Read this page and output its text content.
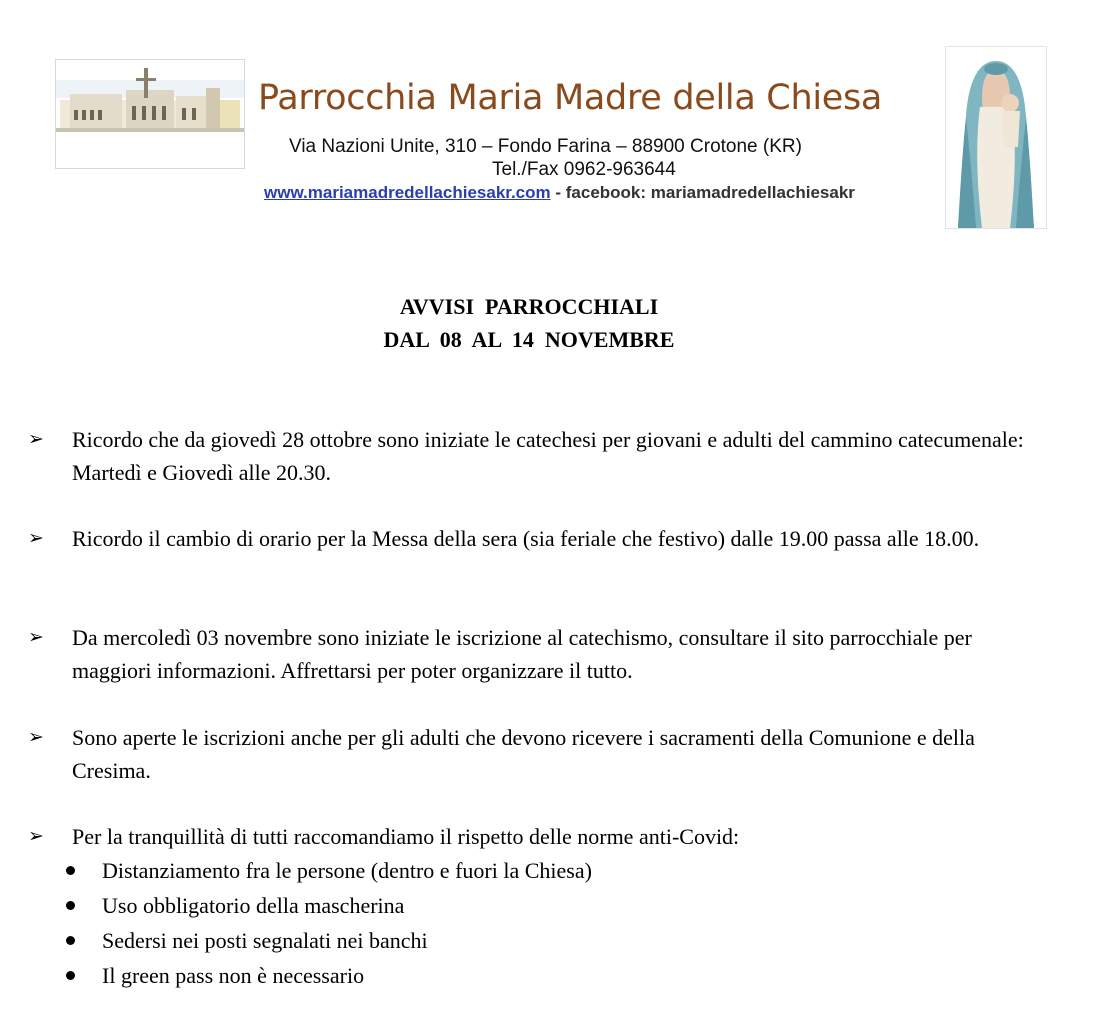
Parrocchia Maria Madre della Chiesa
Via Nazioni Unite, 310 – Fondo Farina – 88900 Crotone (KR)
Tel./Fax 0962-963644
www.mariamadredellachiesakr.com - facebook: mariamadredellachiesakr
AVVISI  PARROCCHIALI
DAL  08  AL  14  NOVEMBRE
➢ Ricordo che da giovedì 28 ottobre sono iniziate le catechesi per giovani e adulti del cammino catecumenale: Martedì e Giovedì alle 20.30.
➢ Ricordo il cambio di orario per la Messa della sera (sia feriale che festivo) dalle 19.00 passa alle 18.00.
➢ Da mercoledì 03 novembre sono iniziate le iscrizione al catechismo, consultare il sito parrocchiale per maggiori informazioni. Affrettarsi per poter organizzare il tutto.
➢ Sono aperte le iscrizioni anche per gli adulti che devono ricevere i sacramenti della Comunione e della Cresima.
➢ Per la tranquillità di tutti raccomandiamo il rispetto delle norme anti-Covid:
Distanziamento fra le persone (dentro e fuori la Chiesa)
Uso obbligatorio della mascherina
Sedersi nei posti segnalati nei banchi
Il green pass non è necessario
